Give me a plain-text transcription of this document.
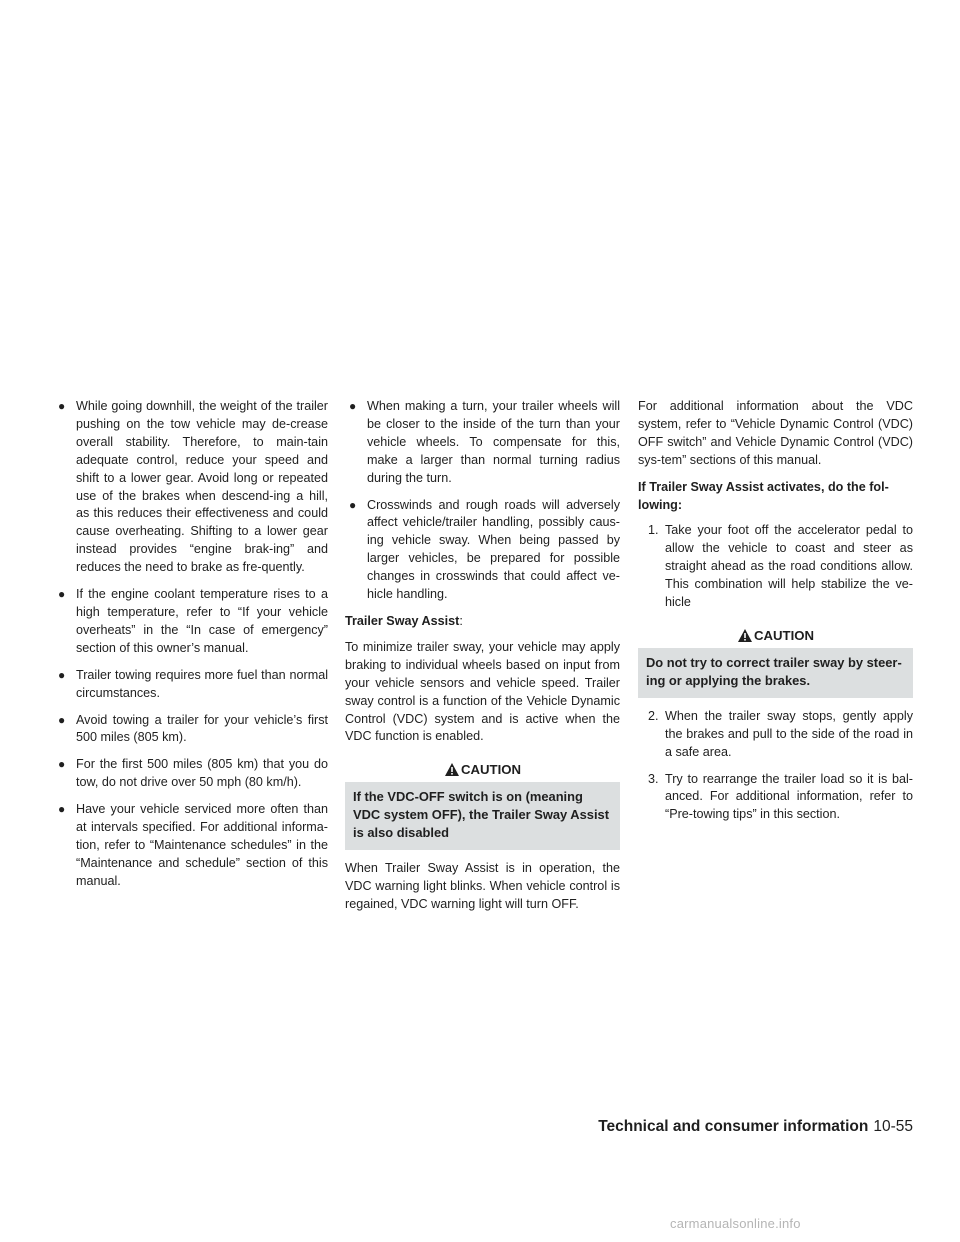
● While going downhill, the weight of the trailer pushing on the tow vehicle may de-crease overall stability. Therefore, to main-tain adequate control, reduce your speed and shift to a lower gear. Avoid long or repeated use of the brakes when descend-ing a hill, as this reduces their effectiveness and could cause overheating. Shifting to a lower gear instead provides “engine brak-ing” and reduces the need to brake as fre-quently.
● If the engine coolant temperature rises to a high temperature, refer to “If your vehicle overheats” in the “In case of emergency” section of this owner’s manual.
● Trailer towing requires more fuel than normal circumstances.
● Avoid towing a trailer for your vehicle’s first 500 miles (805 km).
● For the first 500 miles (805 km) that you do tow, do not drive over 50 mph (80 km/h).
● Have your vehicle serviced more often than at intervals specified. For additional informa-tion, refer to “Maintenance schedules” in the “Maintenance and schedule” section of this manual.
● When making a turn, your trailer wheels will be closer to the inside of the turn than your vehicle wheels. To compensate for this, make a larger than normal turning radius during the turn.
● Crosswinds and rough roads will adversely affect vehicle/trailer handling, possibly caus-ing vehicle sway. When being passed by larger vehicles, be prepared for possible changes in crosswinds that could affect ve-hicle handling.
Trailer Sway Assist:

To minimize trailer sway, your vehicle may apply braking to individual wheels based on input from your vehicle sensors and vehicle speed. Trailer sway control is a function of the Vehicle Dynamic Control (VDC) system and is active when the VDC function is enabled.

CAUTION
If the VDC-OFF switch is on (meaning VDC system OFF), the Trailer Sway Assist is also disabled

When Trailer Sway Assist is in operation, the VDC warning light blinks. When vehicle control is regained, VDC warning light will turn OFF.

For additional information about the VDC system, refer to “Vehicle Dynamic Control (VDC) OFF switch” and Vehicle Dynamic Control (VDC) sys-tem” sections of this manual.

If Trailer Sway Assist activates, do the fol-lowing:
1. Take your foot off the accelerator pedal to allow the vehicle to coast and steer as straight ahead as the road conditions allow. This combination will help stabilize the ve-hicle
CAUTION
Do not try to correct trailer sway by steer-ing or applying the brakes.
2. When the trailer sway stops, gently apply the brakes and pull to the side of the road in a safe area.
3. Try to rearrange the trailer load so it is bal-anced. For additional information, refer to “Pre-towing tips” in this section.
Technical and consumer information 10-55
carmanualsonline.info
